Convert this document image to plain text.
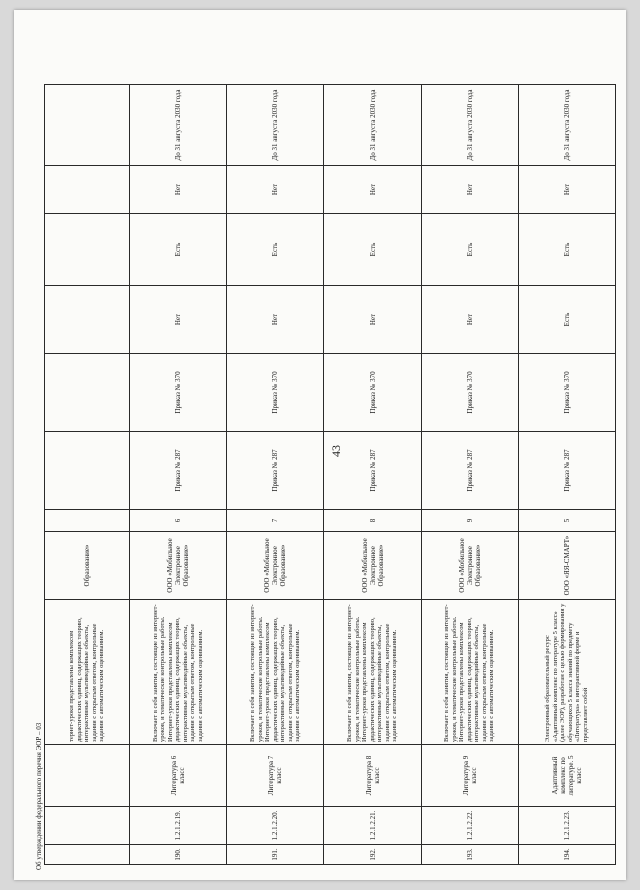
43
			тернет-уроки представлены комплексом дидактических единиц, содержащих теорию, интерактивные мультимедийные объекты, задания с открытым ответом, контрольные задания с автоматическим оцениванием.	Образование»							
190.	1.2.1.2.19.	Литература 6 класс	Включает в себя занятия, состоящие из интернет-уроков, и тематические контрольные работы. Интернет-уроки представлены комплексом дидактических единиц, содержащих теорию, интерактивные мультимедийные объекты, задания с открытым ответом, контрольные задания с автоматическим оцениванием.	ООО «Мобильное Электронное Образование»	6	Приказ № 287	Приказ № 370	Нет	Есть	Нет	До 31 августа 2030 года
191.	1.2.1.2.20.	Литература 7 класс	Включает в себя занятия, состоящие из интернет-уроков, и тематические контрольные работы. Интернет-уроки представлены комплексом дидактических единиц, содержащих теорию, интерактивные мультимедийные объекты, задания с открытым ответом, контрольные задания с автоматическим оцениванием.	ООО «Мобильное Электронное Образование»	7	Приказ № 287	Приказ № 370	Нет	Есть	Нет	До 31 августа 2030 года
192.	1.2.1.2.21.	Литература 8 класс	Включает в себя занятия, состоящие из интернет-уроков, и тематические контрольные работы. Интернет-уроки представлены комплексом дидактических единиц, содержащих теорию, интерактивные мультимедийные объекты, задания с открытым ответом, контрольные задания с автоматическим оцениванием.	ООО «Мобильное Электронное Образование»	8	Приказ № 287	Приказ № 370	Нет	Есть	Нет	До 31 августа 2030 года
193.	1.2.1.2.22.	Литература 9 класс	Включает в себя занятия, состоящие из интернет-уроков, и тематические контрольные работы. Интернет-уроки представлены комплексом дидактических единиц, содержащих теорию, интерактивные мультимедийные объекты, задания с открытым ответом, контрольные задания с автоматическим оцениванием.	ООО «Мобильное Электронное Образование»	9	Приказ № 287	Приказ № 370	Нет	Есть	Нет	До 31 августа 2030 года
194.	1.2.1.2.23.	Адаптивный комплекс по литературе. 5 класс	Электронный образовательный ресурс «Адаптивный комплекс по литературе 5 класс» (далее ЭОР), разработан с целью формирования у обучающихся 5 класса знаний по предмету «Литература» в интерактивной форме и представляет собой	ООО «ЯЯ-СМАРТ»	5	Приказ № 287	Приказ № 370	Есть	Есть	Нет	До 31 августа 2030 года
Об утверждении федерального перечня ЭОР – 03
